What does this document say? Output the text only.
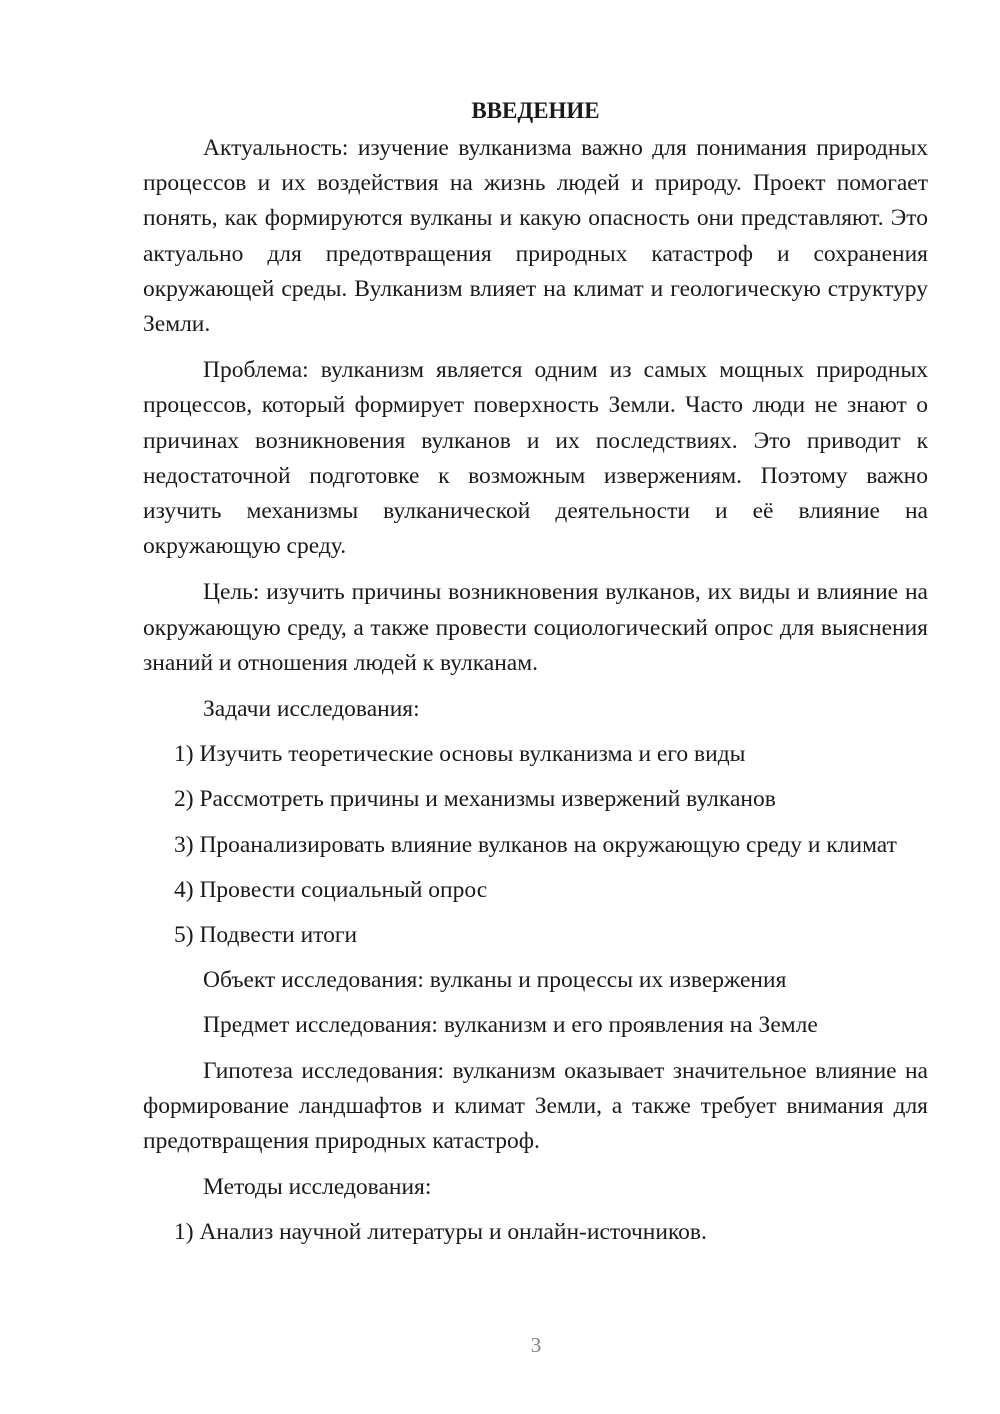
ВВЕДЕНИЕ

Актуальность: изучение вулканизма важно для понимания природных процессов и их воздействия на жизнь людей и природу. Проект помогает понять, как формируются вулканы и какую опасность они представляют. Это актуально для предотвращения природных катастроф и сохранения окружающей среды. Вулканизм влияет на климат и геологическую структуру Земли.

Проблема: вулканизм является одним из самых мощных природных процессов, который формирует поверхность Земли. Часто люди не знают о причинах возникновения вулканов и их последствиях. Это приводит к недостаточной подготовке к возможным извержениям. Поэтому важно изучить механизмы вулканической деятельности и её влияние на окружающую среду.

Цель: изучить причины возникновения вулканов, их виды и влияние на окружающую среду, а также провести социологический опрос для выяснения знаний и отношения людей к вулканам.

Задачи исследования:

1) Изучить теоретические основы вулканизма и его виды

2) Рассмотреть причины и механизмы извержений вулканов

3) Проанализировать влияние вулканов на окружающую среду и климат

4) Провести социальный опрос

5) Подвести итоги

Объект исследования: вулканы и процессы их извержения

Предмет исследования: вулканизм и его проявления на Земле

Гипотеза исследования: вулканизм оказывает значительное влияние на формирование ландшафтов и климат Земли, а также требует внимания для предотвращения природных катастроф.

Методы исследования:

1) Анализ научной литературы и онлайн-источников.

3
